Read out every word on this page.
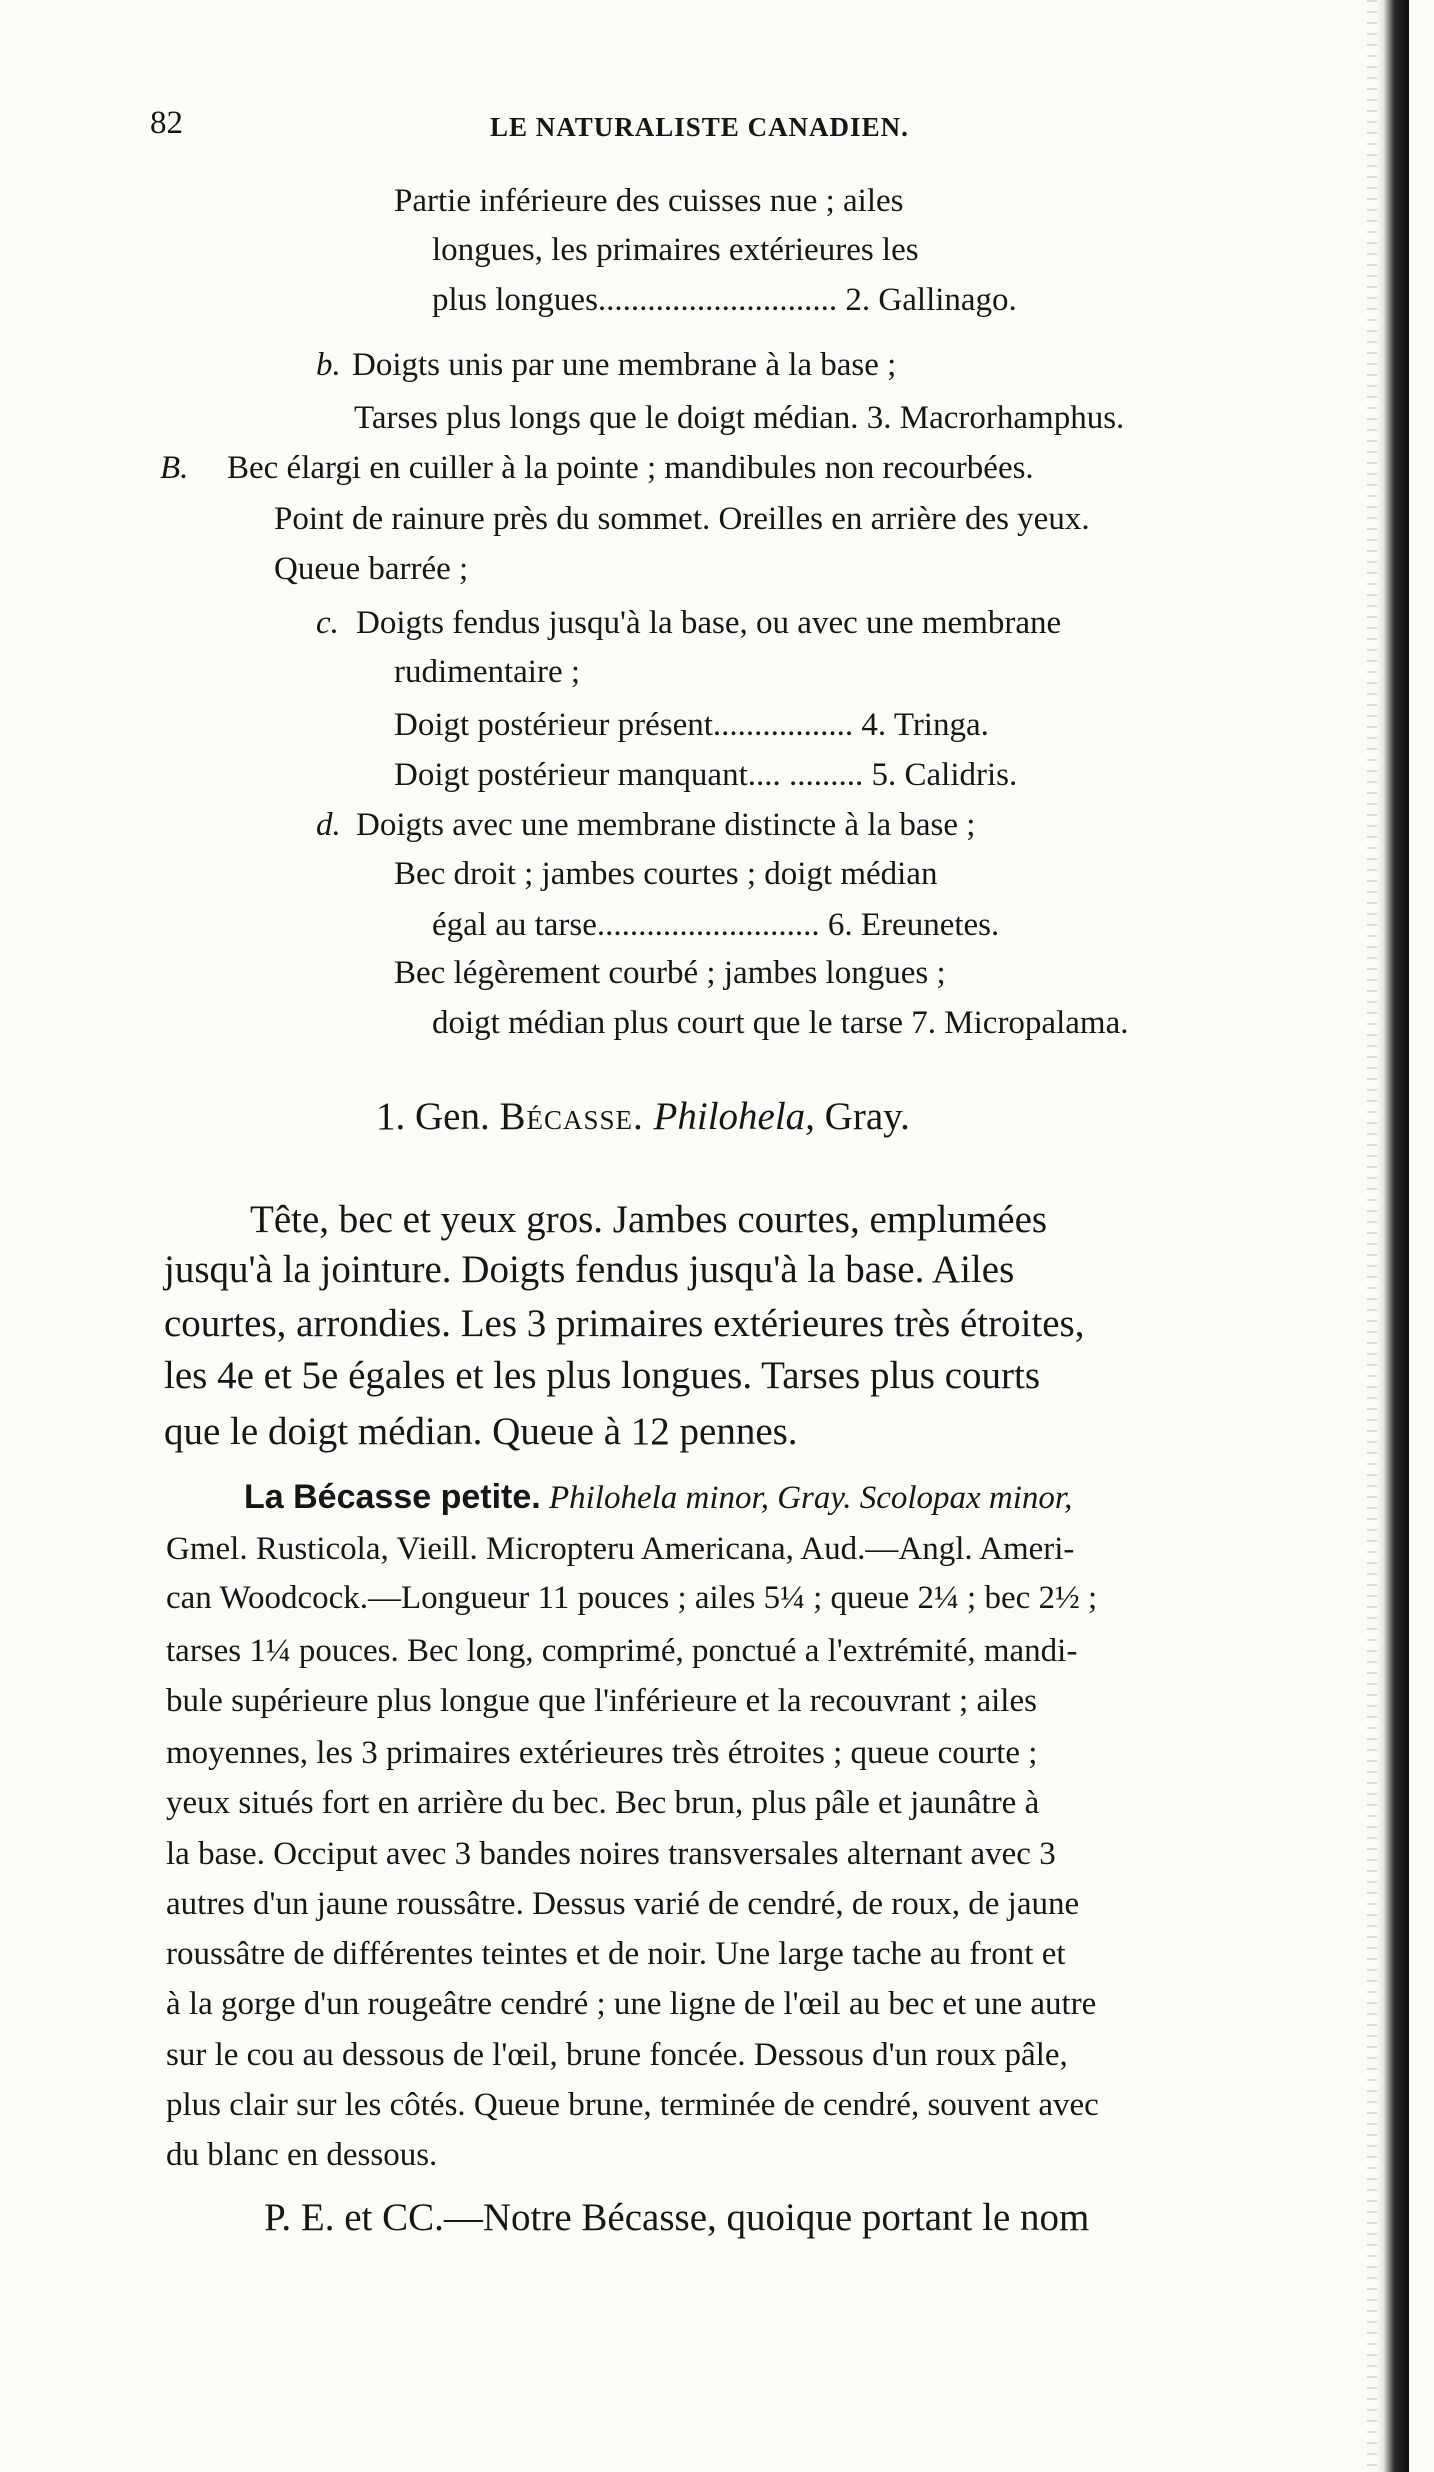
82	LE NATURALISTE CANADIEN.
Partie inférieure des cuisses nue ; ailes
longues, les primaires extérieures les
plus longues............................. 2. Gallinago.
b. Doigts unis par une membrane à la base ;
Tarses plus longs que le doigt médian. 3. Macrorhamphus.
B. Bec élargi en cuiller à la pointe ; mandibules non recourbées.
Point de rainure près du sommet. Oreilles en arrière des yeux.
Queue barrée ;
c. Doigts fendus jusqu'à la base, ou avec une membrane
rudimentaire ;
Doigt postérieur présent................. 4. Tringa.
Doigt postérieur manquant.... ......... 5. Calidris.
d. Doigts avec une membrane distincte à la base ;
Bec droit ; jambes courtes ; doigt médian
égal au tarse........................... 6. Ereunetes.
Bec légèrement courbé ; jambes longues ;
doigt médian plus court que le tarse 7. Micropalama.
1. Gen. Bécasse. Philohela, Gray.
Tête, bec et yeux gros. Jambes courtes, emplumées
jusqu'à la jointure. Doigts fendus jusqu'à la base. Ailes
courtes, arrondies. Les 3 primaires extérieures très étroites,
les 4e et 5e égales et les plus longues. Tarses plus courts
que le doigt médian. Queue à 12 pennes.
La Bécasse petite. Philohela minor, Gray. Scolopax minor,
Gmel. Rusticola, Vieill. Micropteru Americana, Aud.—Angl. Ameri-
can Woodcock.—Longueur 11 pouces ; ailes 5¼ ; queue 2¼ ; bec 2½ ;
tarses 1¼ pouces. Bec long, comprimé, ponctué a l'extrémité, mandi-
bule supérieure plus longue que l'inférieure et la recouvrant ; ailes
moyennes, les 3 primaires extérieures très étroites ; queue courte ;
yeux situés fort en arrière du bec. Bec brun, plus pâle et jaunâtre à
la base. Occiput avec 3 bandes noires transversales alternant avec 3
autres d'un jaune roussâtre. Dessus varié de cendré, de roux, de jaune
roussâtre de différentes teintes et de noir. Une large tache au front et
à la gorge d'un rougeâtre cendré ; une ligne de l'œil au bec et une autre
sur le cou au dessous de l'œil, brune foncée. Dessous d'un roux pâle,
plus clair sur les côtés. Queue brune, terminée de cendré, souvent avec
du blanc en dessous.
P. E. et CC.—Notre Bécasse, quoique portant le nom
